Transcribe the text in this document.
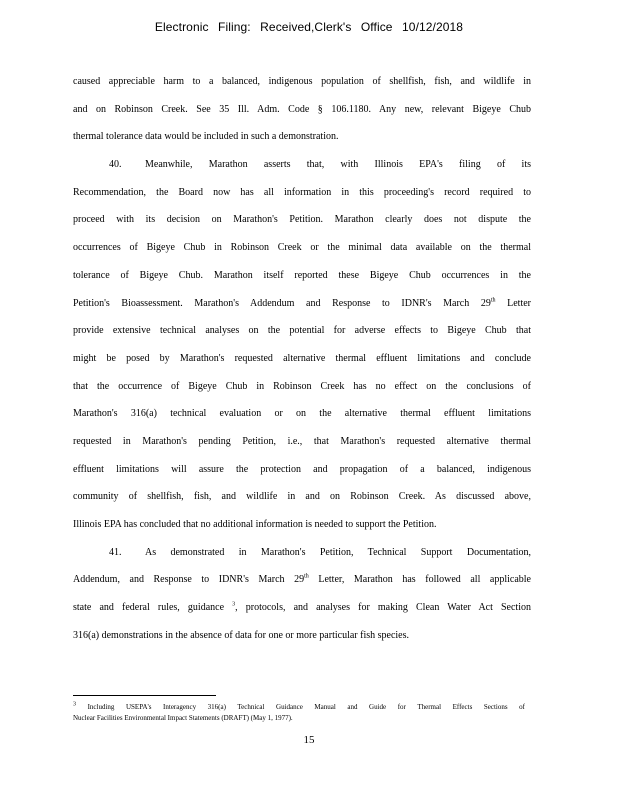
Electronic Filing: Received,Clerk's Office 10/12/2018
caused appreciable harm to a balanced, indigenous population of shellfish, fish, and wildlife in
and on Robinson Creek. See 35 Ill. Adm. Code § 106.1180. Any new, relevant Bigeye Chub
thermal tolerance data would be included in such a demonstration.
40. Meanwhile, Marathon asserts that, with Illinois EPA's filing of its
Recommendation, the Board now has all information in this proceeding's record required to
proceed with its decision on Marathon's Petition. Marathon clearly does not dispute the
occurrences of Bigeye Chub in Robinson Creek or the minimal data available on the thermal
tolerance of Bigeye Chub. Marathon itself reported these Bigeye Chub occurrences in the
Petition's Bioassessment. Marathon's Addendum and Response to IDNR's March 29th Letter
provide extensive technical analyses on the potential for adverse effects to Bigeye Chub that
might be posed by Marathon's requested alternative thermal effluent limitations and conclude
that the occurrence of Bigeye Chub in Robinson Creek has no effect on the conclusions of
Marathon's 316(a) technical evaluation or on the alternative thermal effluent limitations
requested in Marathon's pending Petition, i.e., that Marathon's requested alternative thermal
effluent limitations will assure the protection and propagation of a balanced, indigenous
community of shellfish, fish, and wildlife in and on Robinson Creek. As discussed above,
Illinois EPA has concluded that no additional information is needed to support the Petition.
41. As demonstrated in Marathon's Petition, Technical Support Documentation,
Addendum, and Response to IDNR's March 29th Letter, Marathon has followed all applicable
state and federal rules, guidance $^3$, protocols, and analyses for making Clean Water Act Section
316(a) demonstrations in the absence of data for one or more particular fish species.
3 Including USEPA's Interagency 316(a) Technical Guidance Manual and Guide for Thermal Effects Sections of
Nuclear Facilities Environmental Impact Statements (DRAFT) (May 1, 1977).
15
